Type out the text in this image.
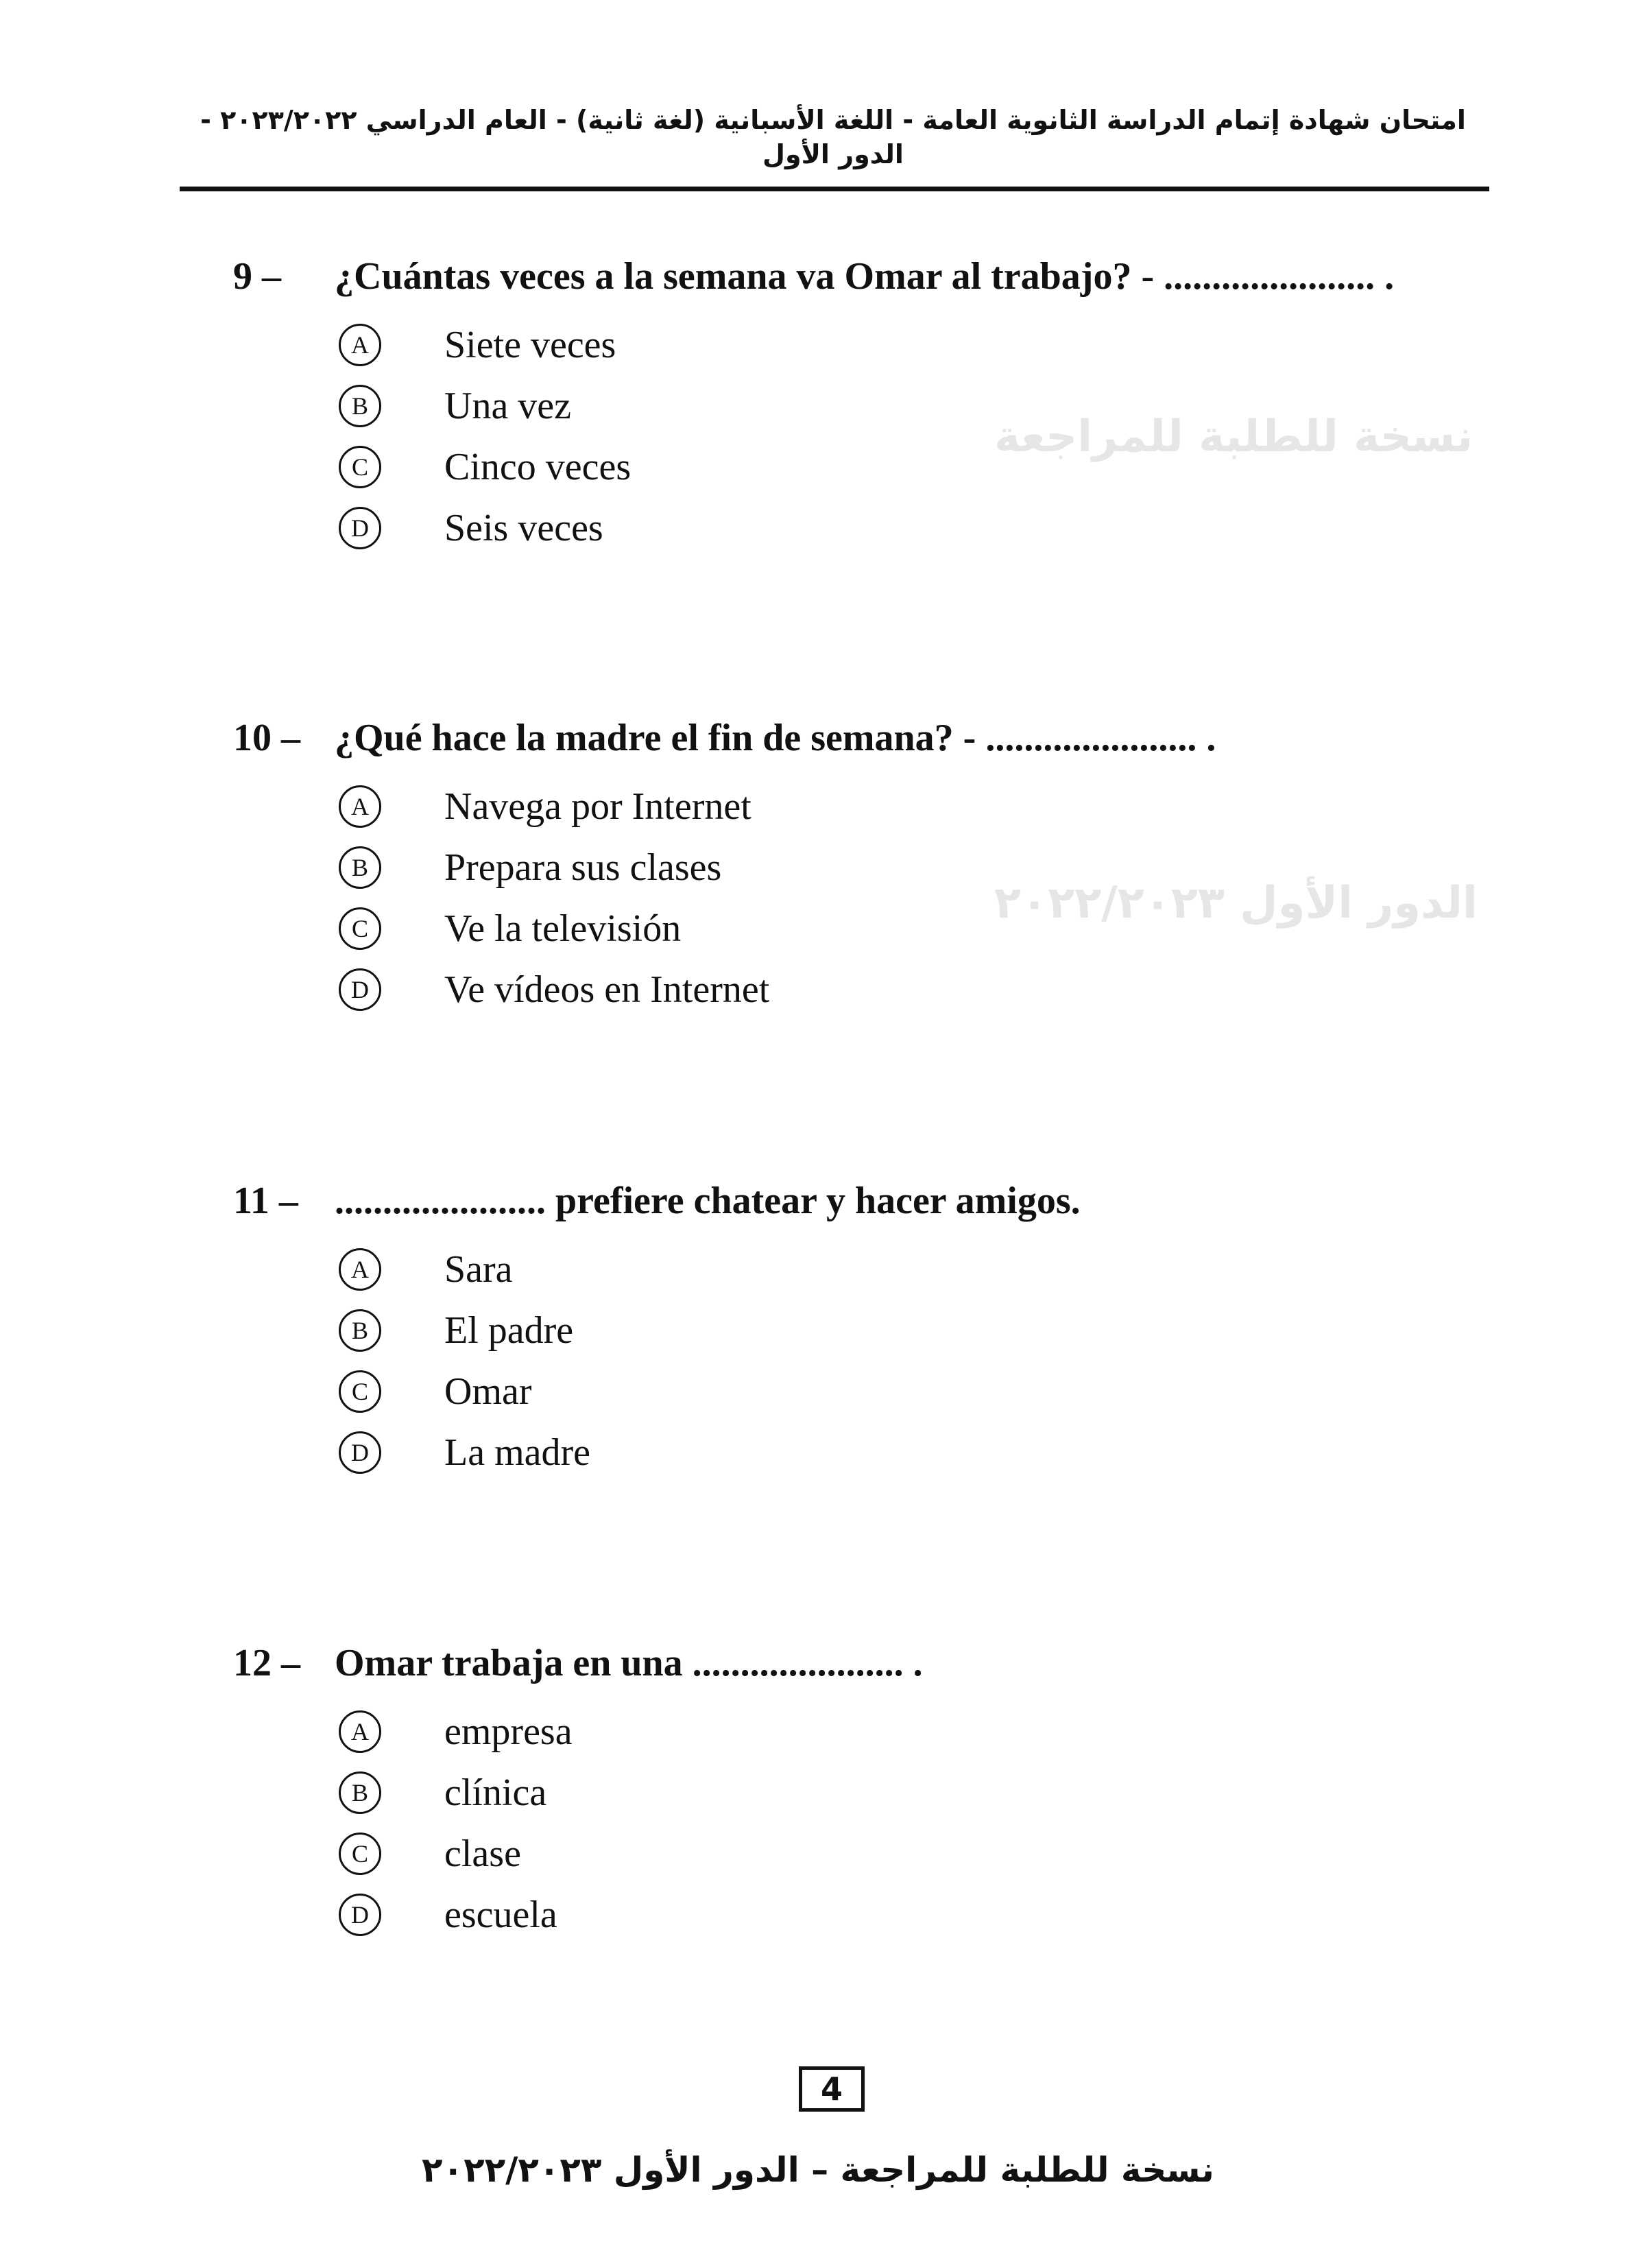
نسخة للطلبة للمراجعة
الدور الأول ٢٠٢٢/٢٠٢٣
امتحان شهادة إتمام الدراسة الثانوية العامة - اللغة الأسبانية (لغة ثانية) - العام الدراسي ٢٠٢٣/٢٠٢٢ - الدور الأول
9 – ¿Cuántas veces a la semana va Omar al trabajo? - ...................... .
A	Siete veces
B	Una vez
C	Cinco veces
D	Seis veces
10 – ¿Qué hace la madre el fin de semana? - ...................... .
A	Navega por Internet
B	Prepara sus clases
C	Ve la televisión
D	Ve vídeos en Internet
11 – ...................... prefiere chatear y hacer amigos.
A	Sara
B	El padre
C	Omar
D	La madre
12 – Omar trabaja en una ...................... .
A	empresa
B	clínica
C	clase
D	escuela
4
نسخة للطلبة للمراجعة – الدور الأول ٢٠٢٢/٢٠٢٣
